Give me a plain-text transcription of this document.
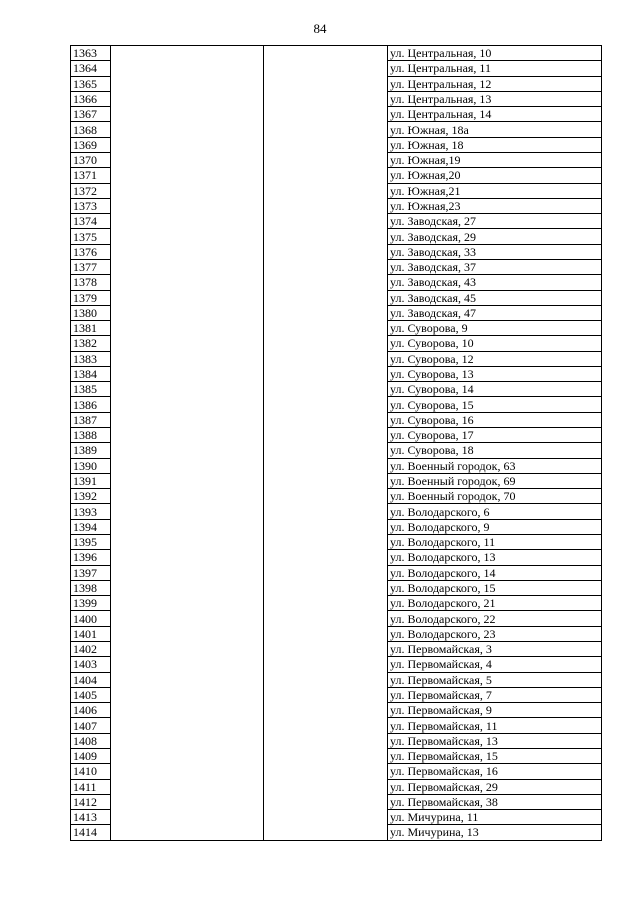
84
1363			ул. Центральная, 10
1364			ул. Центральная, 11
1365			ул. Центральная, 12
1366			ул. Центральная, 13
1367			ул. Центральная, 14
1368			ул. Южная, 18а
1369			ул. Южная, 18
1370			ул. Южная,19
1371			ул. Южная,20
1372			ул. Южная,21
1373			ул. Южная,23
1374			ул. Заводская, 27
1375			ул. Заводская, 29
1376			ул. Заводская, 33
1377			ул. Заводская, 37
1378			ул. Заводская, 43
1379			ул. Заводская, 45
1380			ул. Заводская, 47
1381			ул. Суворова, 9
1382			ул. Суворова, 10
1383			ул. Суворова, 12
1384			ул. Суворова, 13
1385			ул. Суворова, 14
1386			ул. Суворова, 15
1387			ул. Суворова, 16
1388			ул. Суворова, 17
1389			ул. Суворова, 18
1390			ул. Военный городок, 63
1391			ул. Военный городок, 69
1392			ул. Военный городок, 70
1393			ул. Володарского, 6
1394			ул. Володарского, 9
1395			ул. Володарского, 11
1396			ул. Володарского, 13
1397			ул. Володарского, 14
1398			ул. Володарского, 15
1399			ул. Володарского, 21
1400			ул. Володарского, 22
1401			ул. Володарского, 23
1402			ул. Первомайская, 3
1403			ул. Первомайская, 4
1404			ул. Первомайская, 5
1405			ул. Первомайская, 7
1406			ул. Первомайская, 9
1407			ул. Первомайская, 11
1408			ул. Первомайская, 13
1409			ул. Первомайская, 15
1410			ул. Первомайская, 16
1411			ул. Первомайская, 29
1412			ул. Первомайская, 38
1413			ул. Мичурина, 11
1414			ул. Мичурина, 13
